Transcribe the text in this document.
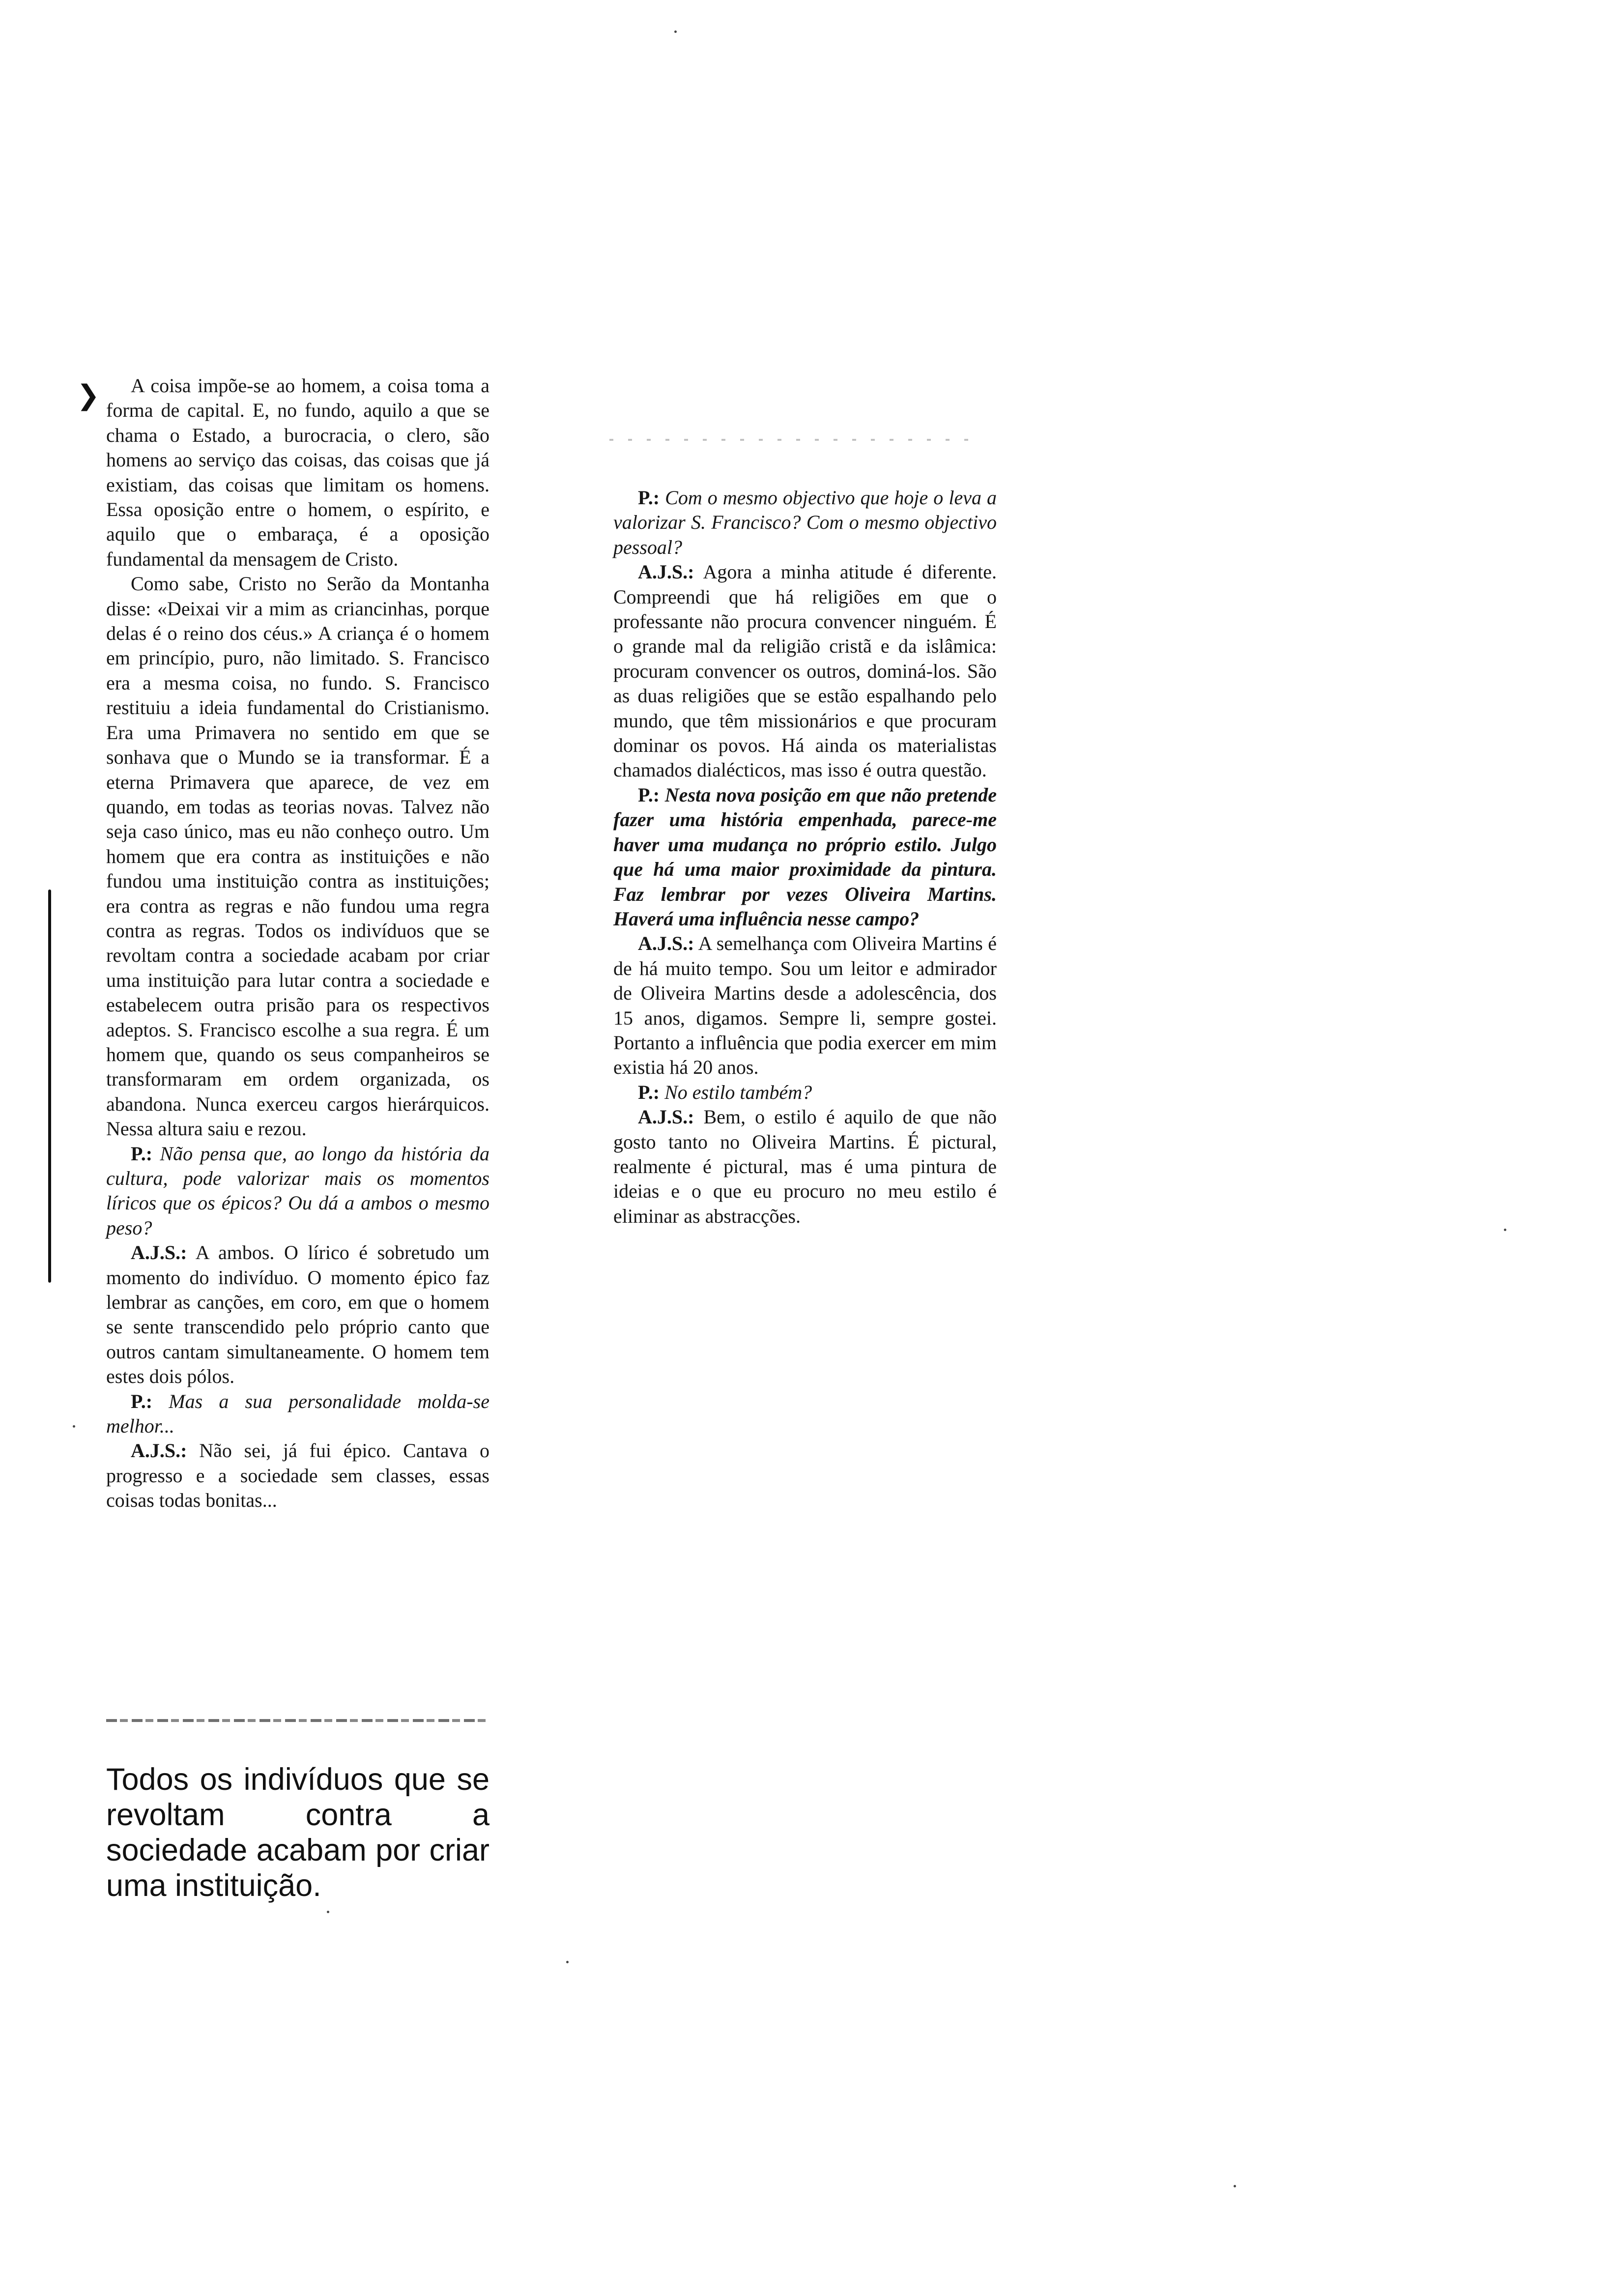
❯	A coisa impõe-se ao homem, a coisa toma a forma de capital. E, no fundo, aquilo a que se chama o Estado, a burocracia, o clero, são homens ao serviço das coisas, das coisas que já existiam, das coisas que limitam os homens. Essa oposição entre o homem, o espírito, e aquilo que o embaraça, é a oposição fundamental da mensagem de Cristo.

Como sabe, Cristo no Serão da Montanha disse: «Deixai vir a mim as criancinhas, porque delas é o reino dos céus.» A criança é o homem em princípio, puro, não limitado. S. Francisco era a mesma coisa, no fundo. S. Francisco restituiu a ideia fundamental do Cristianismo. Era uma Primavera no sentido em que se sonhava que o Mundo se ia transformar. É a eterna Primavera que aparece, de vez em quando, em todas as teorias novas. Talvez não seja caso único, mas eu não conheço outro. Um homem que era contra as instituições e não fundou uma instituição contra as instituições; era contra as regras e não fundou uma regra contra as regras. Todos os indivíduos que se revoltam contra a sociedade acabam por criar uma instituição para lutar contra a sociedade e estabelecem outra prisão para os respectivos adeptos. S. Francisco escolhe a sua regra. É um homem que, quando os seus companheiros se transformaram em ordem organizada, os abandona. Nunca exerceu cargos hierárquicos. Nessa altura saiu e rezou.

P.: Não pensa que, ao longo da história da cultura, pode valorizar mais os momentos líricos que os épicos? Ou dá a ambos o mesmo peso?

A.J.S.: A ambos. O lírico é sobretudo um momento do indivíduo. O momento épico faz lembrar as canções, em coro, em que o homem se sente transcendido pelo próprio canto que outros cantam simultaneamente. O homem tem estes dois pólos.

P.: Mas a sua personalidade molda-se melhor...

A.J.S.: Não sei, já fui épico. Cantava o progresso e a sociedade sem classes, essas coisas todas bonitas...

Todos os indivíduos que se revoltam contra a sociedade acabam por criar uma instituição.

P.: Com o mesmo objectivo que hoje o leva a valorizar S. Francisco? Com o mesmo objectivo pessoal?

A.J.S.: Agora a minha atitude é diferente. Compreendi que há religiões em que o professante não procura convencer ninguém. É o grande mal da religião cristã e da islâmica: procuram convencer os outros, dominá-los. São as duas religiões que se estão espalhando pelo mundo, que têm missionários e que procuram dominar os povos. Há ainda os materialistas chamados dialécticos, mas isso é outra questão.

P.: Nesta nova posição em que não pretende fazer uma história empenhada, parece-me haver uma mudança no próprio estilo. Julgo que há uma maior proximidade da pintura. Faz lembrar por vezes Oliveira Martins. Haverá uma influência nesse campo?

A.J.S.: A semelhança com Oliveira Martins é de há muito tempo. Sou um leitor e admirador de Oliveira Martins desde a adolescência, dos 15 anos, digamos. Sempre li, sempre gostei. Portanto a influência que podia exercer em mim existia há 20 anos.

P.: No estilo também?

A.J.S.: Bem, o estilo é aquilo de que não gosto tanto no Oliveira Martins. É pictural, realmente é pictural, mas é uma pintura de ideias e o que eu procuro no meu estilo é eliminar as abstracções.
